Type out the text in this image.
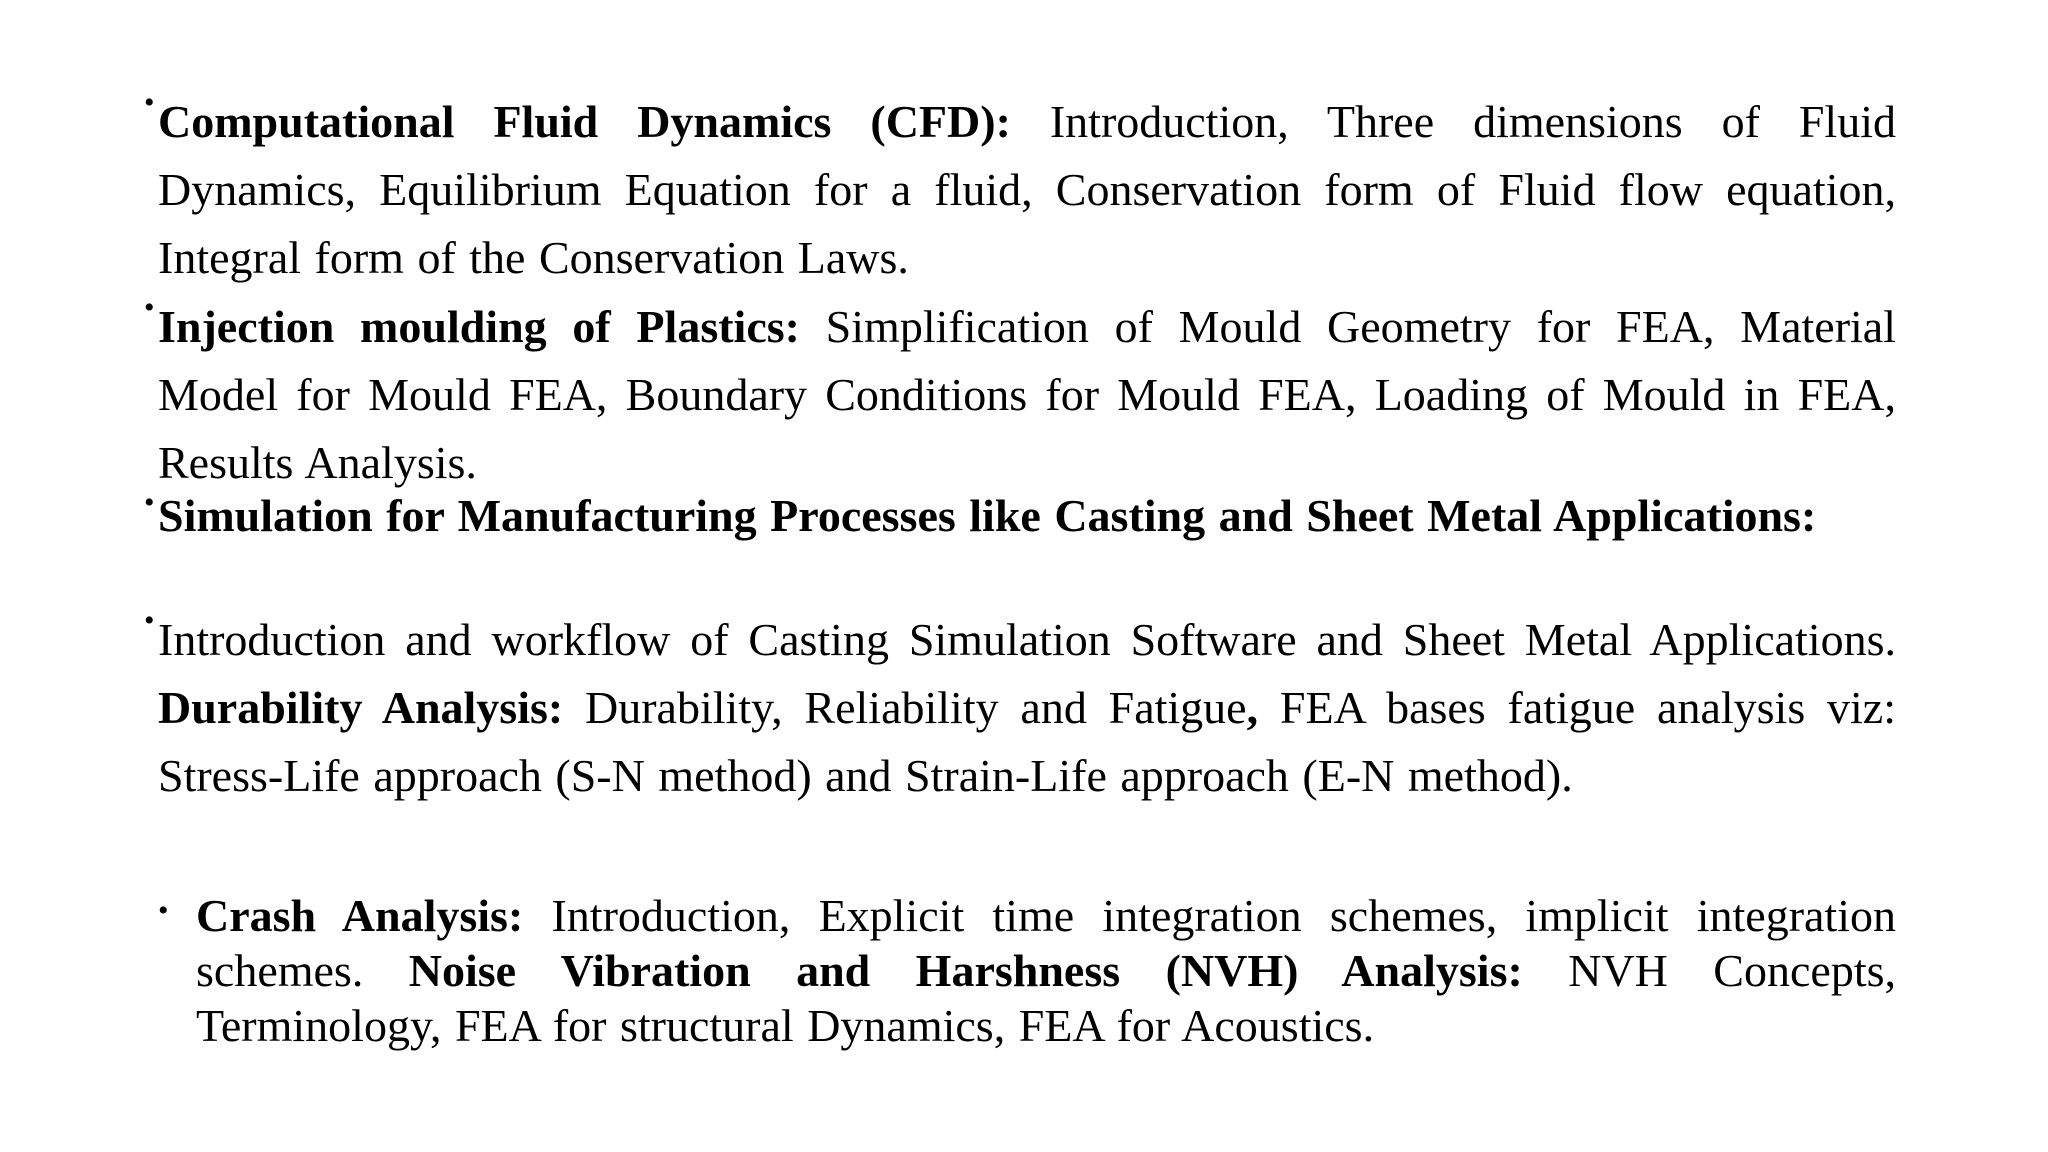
• Computational Fluid Dynamics (CFD): Introduction, Three dimensions of Fluid Dynamics, Equilibrium Equation for a fluid, Conservation form of Fluid flow equation, Integral form of the Conservation Laws.
• Injection moulding of Plastics: Simplification of Mould Geometry for FEA, Material Model for Mould FEA, Boundary Conditions for Mould FEA, Loading of Mould in FEA, Results Analysis.
• Simulation for Manufacturing Processes like Casting and Sheet Metal Applications:
• Introduction and workflow of Casting Simulation Software and Sheet Metal Applications. Durability Analysis: Durability, Reliability and Fatigue, FEA bases fatigue analysis viz: Stress-Life approach (S-N method) and Strain-Life approach (E-N method).
• Crash Analysis: Introduction, Explicit time integration schemes, implicit integration schemes. Noise Vibration and Harshness (NVH) Analysis: NVH Concepts, Terminology, FEA for structural Dynamics, FEA for Acoustics.
